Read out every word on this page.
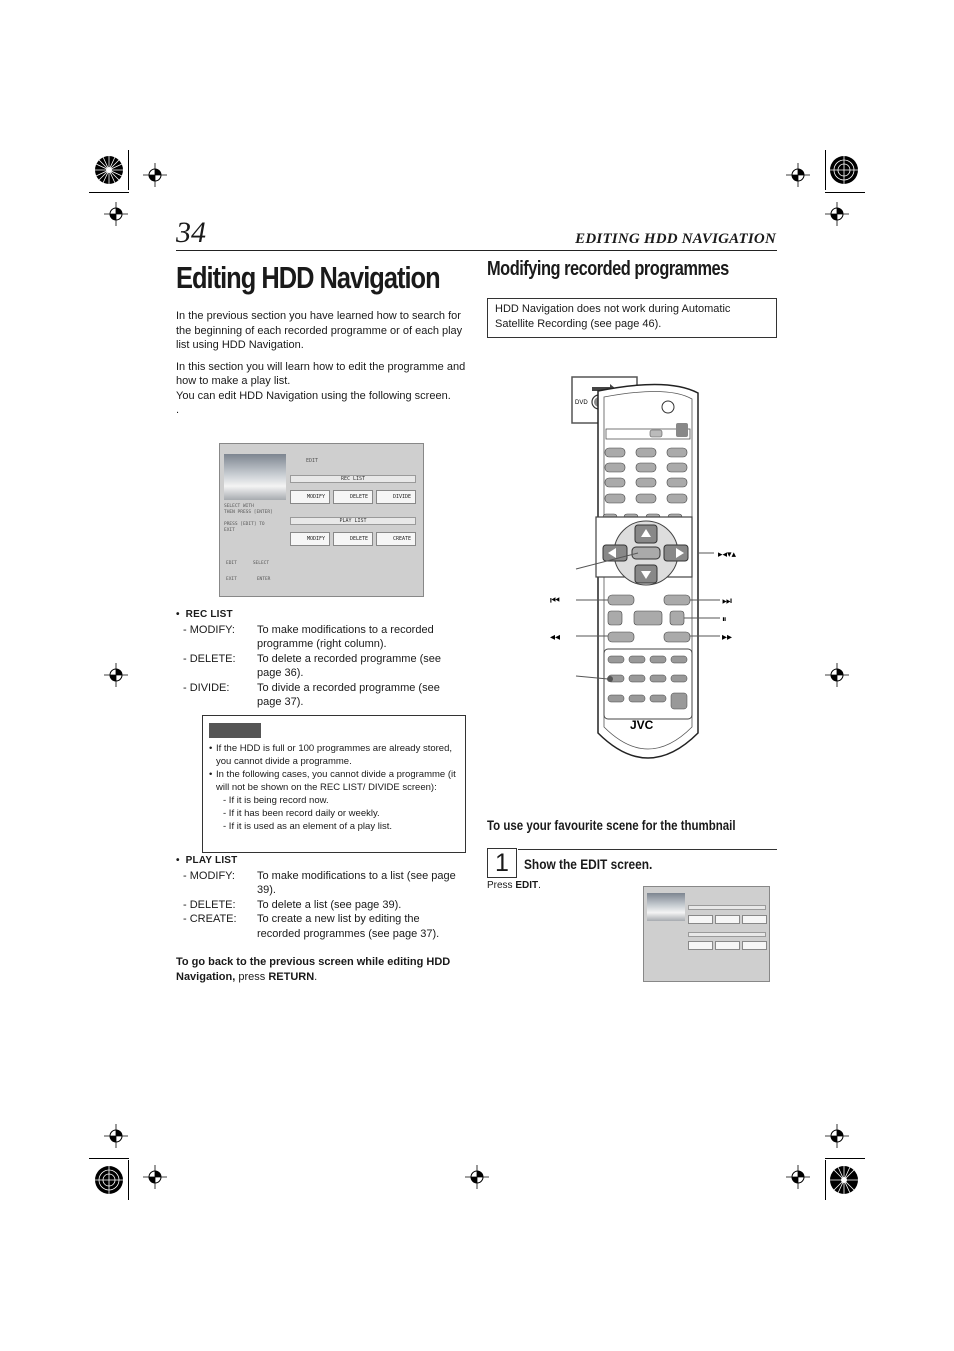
34	EDITING HDD NAVIGATION
Editing HDD Navigation

In the previous section you have learned how to search for the beginning of each recorded programme or of each play list using HDD Navigation.

In this section you will learn how to edit the programme and how to make a play list.

You can edit HDD Navigation using the following screen.

.

EDIT
REC LIST
MODIFY	DELETE	DIVIDE
PLAY LIST
MODIFY	DELETE	CREATE
SELECT WITH
THEN PRESS [ENTER]
PRESS [EDIT] TO
EXIT
EDIT	SELECT
EXIT	ENTER
•  REC LIST
- MODIFY:	To make modifications to a recorded programme (right column).
- DELETE:	To delete a recorded programme (see page 36).
- DIVIDE:	To divide a recorded programme (see page 37).
• If the HDD is full or 100 programmes are already stored, you cannot divide a programme.
• In the following cases, you cannot divide a programme (it will not be shown on the REC LIST/ DIVIDE screen):
- If it is being record now.
- If it has been record daily or weekly.
- If it is used as an element of a play list.
•  PLAY LIST
- MODIFY:	To make modifications to a list (see page 39).
- DELETE:	To delete a list (see page 39).
- CREATE:	To create a new list by editing the recorded programmes (see page 37).
To go back to the previous screen while editing HDD Navigation, press RETURN.
Modifying recorded programmes
HDD Navigation does not work during Automatic Satellite Recording (see page 46).
DVD
▸◂▾▴
⏮	⏭
⏸
◂◂	▸▸
JVC
To use your favourite scene for the thumbnail
1	Show the EDIT screen.
Press EDIT.
